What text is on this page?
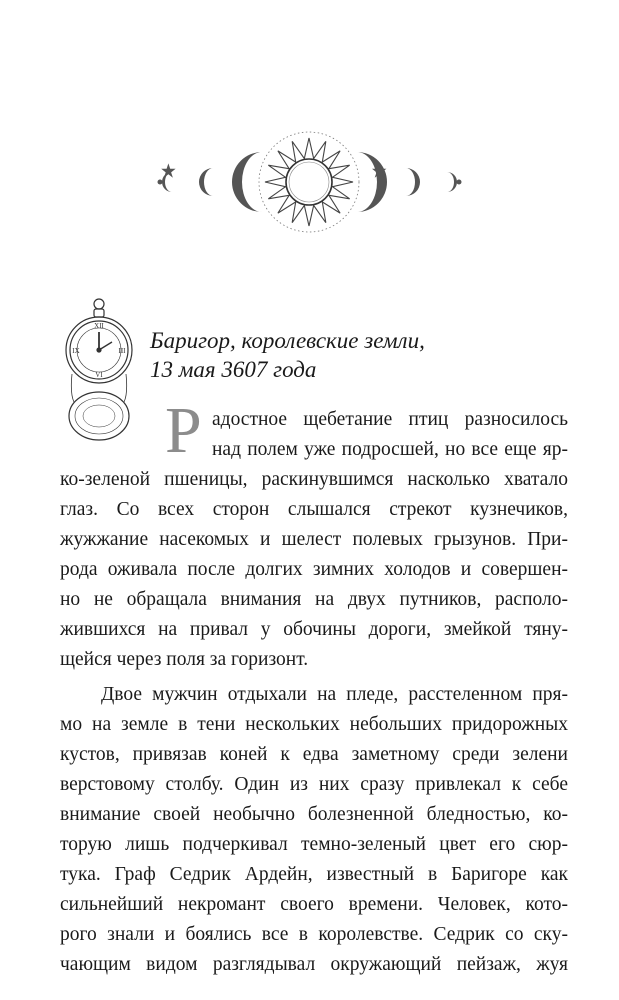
XII
III
VI
IX	Баригор, королевские земли,
13 мая 3607 года
Р адостное щебетание птиц разносилось
над полем уже подросшей, но все еще яр-
ко-зеленой пшеницы, раскинувшимся насколько хватало
глаз. Со всех сторон слышался стрекот кузнечиков,
жужжание насекомых и шелест полевых грызунов. При-
рода оживала после долгих зимних холодов и совершен-
но не обращала внимания на двух путников, располо-
жившихся на привал у обочины дороги, змейкой тяну-
щейся через поля за горизонт.
Двое мужчин отдыхали на пледе, расстеленном пря-
мо на земле в тени нескольких небольших придорожных
кустов, привязав коней к едва заметному среди зелени
верстовому столбу. Один из них сразу привлекал к себе
внимание своей необычно болезненной бледностью, ко-
торую лишь подчеркивал темно-зеленый цвет его сюр-
тука. Граф Седрик Ардейн, известный в Баригоре как
сильнейший некромант своего времени. Человек, кото-
рого знали и боялись все в королевстве. Седрик со ску-
чающим видом разглядывал окружающий пейзаж, жуя
